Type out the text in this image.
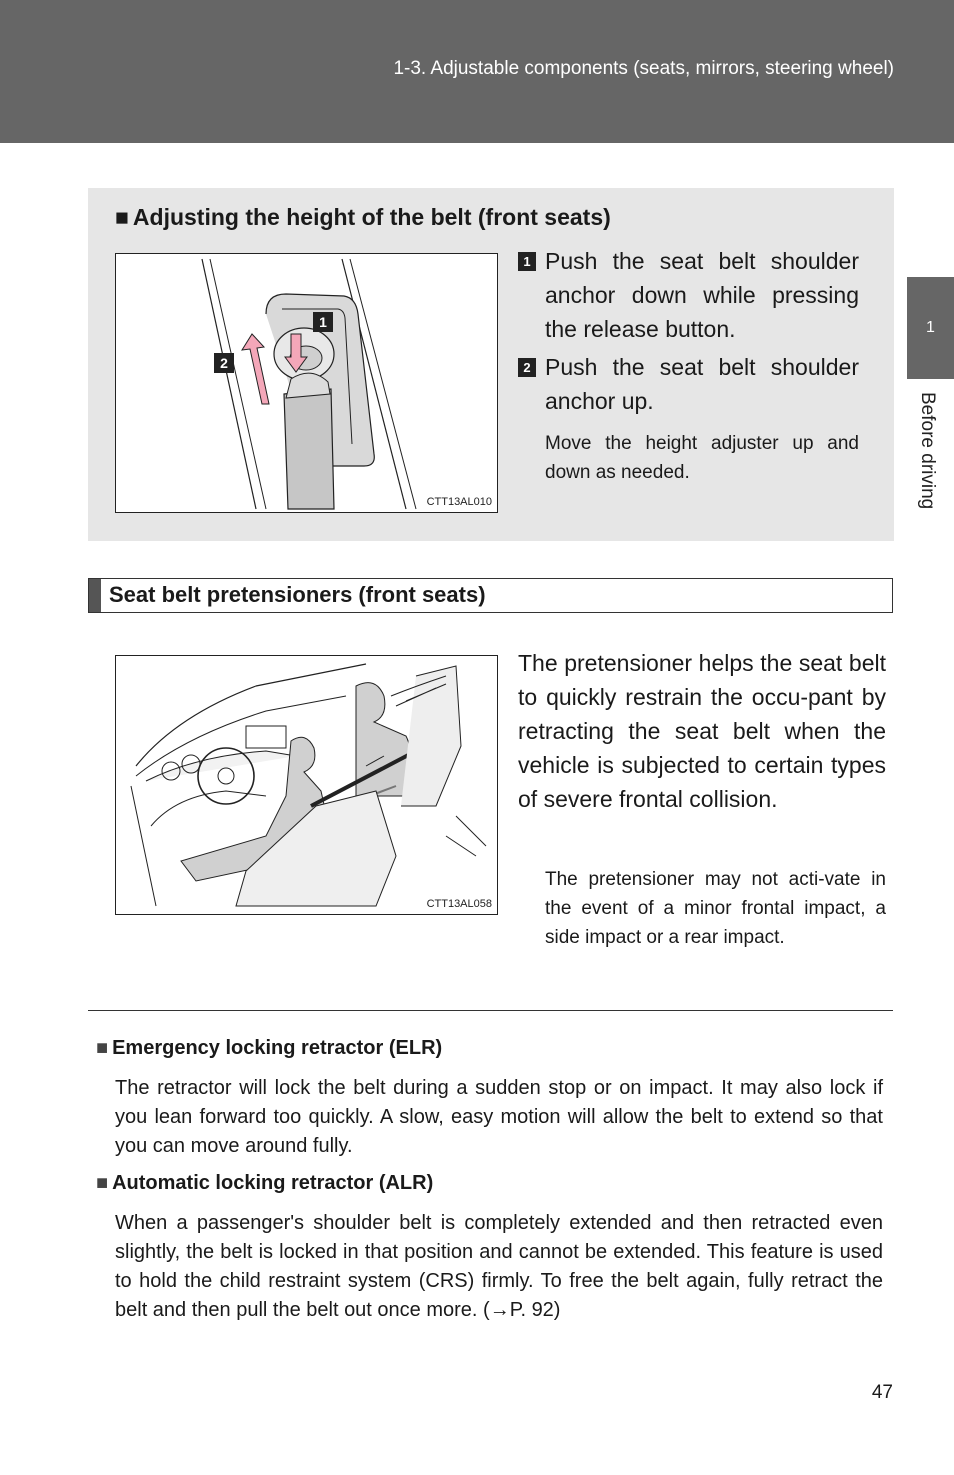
1-3. Adjustable components (seats, mirrors, steering wheel)
1
Before driving
■ Adjusting the height of the belt (front seats)
1
2
CTT13AL010
1 Push the seat belt shoulder anchor down while pressing the release button.
2 Push the seat belt shoulder anchor up.
Move the height adjuster up and down as needed.
Seat belt pretensioners (front seats)
CTT13AL058
The pretensioner helps the seat belt to quickly restrain the occu-pant by retracting the seat belt when the vehicle is subjected to certain types of severe frontal collision.
The pretensioner may not acti-vate in the event of a minor frontal impact, a side impact or a rear impact.
■ Emergency locking retractor (ELR)
The retractor will lock the belt during a sudden stop or on impact. It may also lock if you lean forward too quickly. A slow, easy motion will allow the belt to extend so that you can move around fully.
■ Automatic locking retractor (ALR)
When a passenger's shoulder belt is completely extended and then retracted even slightly, the belt is locked in that position and cannot be extended. This feature is used to hold the child restraint system (CRS) firmly. To free the belt again, fully retract the belt and then pull the belt out once more. (→P. 92)
47
